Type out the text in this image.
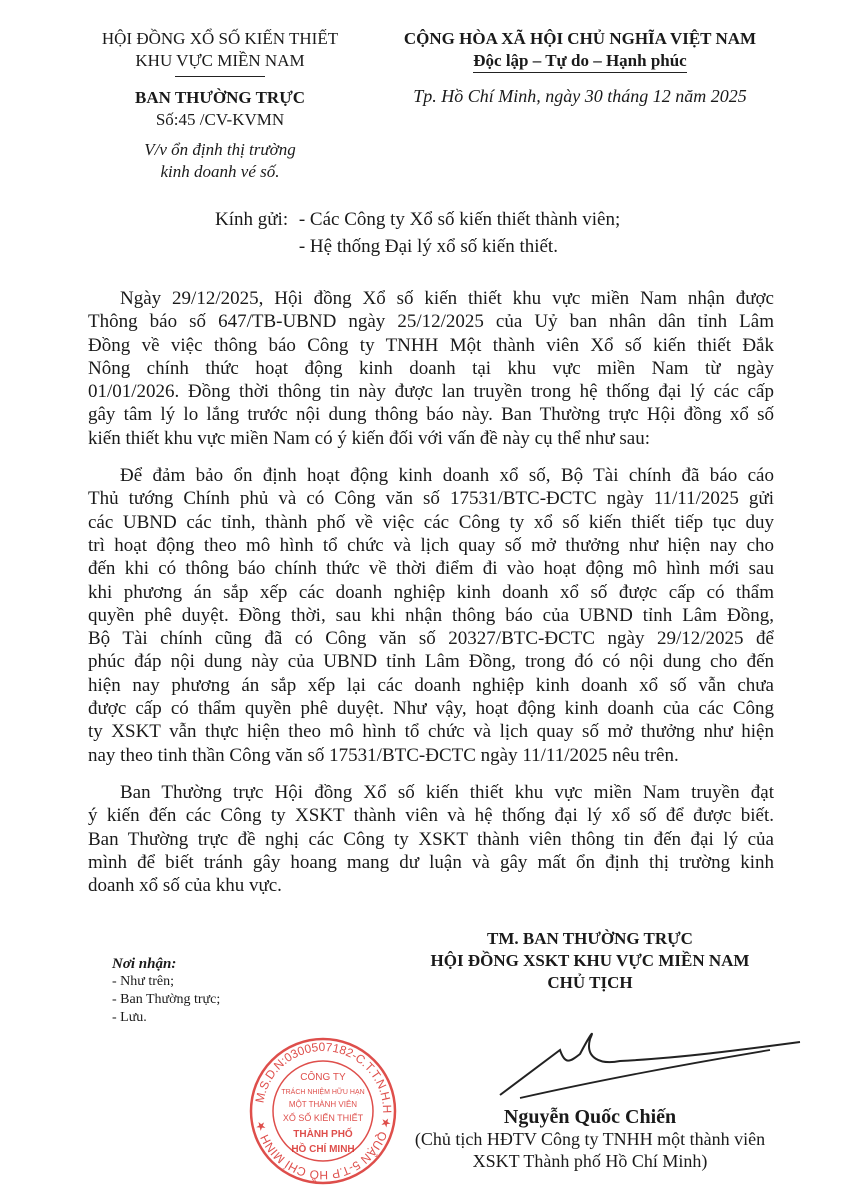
HỘI ĐỒNG XỔ SỐ KIẾN THIẾT
KHU VỰC MIỀN NAM
BAN THƯỜNG TRỰC
Số:45 /CV-KVMN
V/v ổn định thị trường
kinh doanh vé số.
CỘNG HÒA XÃ HỘI CHỦ NGHĨA VIỆT NAM
Độc lập – Tự do – Hạnh phúc
Tp. Hồ Chí Minh, ngày 30 tháng 12 năm 2025
Kính gửi: - Các Công ty Xổ số kiến thiết thành viên;
- Hệ thống Đại lý xổ số kiến thiết.
Ngày 29/12/2025, Hội đồng Xổ số kiến thiết khu vực miền Nam nhận được
Thông báo số 647/TB-UBND ngày 25/12/2025 của Uỷ ban nhân dân tỉnh Lâm
Đồng về việc thông báo Công ty TNHH Một thành viên Xổ số kiến thiết Đắk
Nông chính thức hoạt động kinh doanh tại khu vực miền Nam từ ngày
01/01/2026. Đồng thời thông tin này được lan truyền trong hệ thống đại lý các cấp
gây tâm lý lo lắng trước nội dung thông báo này. Ban Thường trực Hội đồng xổ số
kiến thiết khu vực miền Nam có ý kiến đối với vấn đề này cụ thể như sau:
Để đảm bảo ổn định hoạt động kinh doanh xổ số, Bộ Tài chính đã báo cáo
Thủ tướng Chính phủ và có Công văn số 17531/BTC-ĐCTC ngày 11/11/2025 gửi
các UBND các tỉnh, thành phố về việc các Công ty xổ số kiến thiết tiếp tục duy
trì hoạt động theo mô hình tổ chức và lịch quay số mở thưởng như hiện nay cho
đến khi có thông báo chính thức về thời điểm đi vào hoạt động mô hình mới sau
khi phương án sắp xếp các doanh nghiệp kinh doanh xổ số được cấp có thẩm
quyền phê duyệt. Đồng thời, sau khi nhận thông báo của UBND tỉnh Lâm Đồng,
Bộ Tài chính cũng đã có Công văn số 20327/BTC-ĐCTC ngày 29/12/2025 để
phúc đáp nội dung này của UBND tỉnh Lâm Đồng, trong đó có nội dung cho đến
hiện nay phương án sắp xếp lại các doanh nghiệp kinh doanh xổ số vẫn chưa
được cấp có thẩm quyền phê duyệt. Như vậy, hoạt động kinh doanh của các Công
ty XSKT vẫn thực hiện theo mô hình tổ chức và lịch quay số mở thưởng như hiện
nay theo tinh thần Công văn số 17531/BTC-ĐCTC ngày 11/11/2025 nêu trên.
Ban Thường trực Hội đồng Xổ số kiến thiết khu vực miền Nam truyền đạt
ý kiến đến các Công ty XSKT thành viên và hệ thống đại lý xổ số để được biết.
Ban Thường trực đề nghị các Công ty XSKT thành viên thông tin đến đại lý của
mình để biết tránh gây hoang mang dư luận và gây mất ổn định thị trường kinh
doanh xổ số của khu vực.
Nơi nhận:
- Như trên;
- Ban Thường trực;
- Lưu.
M.S.D.N:0300507182-C.T.T.N.H.H ★ QUẬN 5-T.P HỒ CHÍ MINH ★
CÔNG TY
TRÁCH NHIỆM HỮU HẠN
MỘT THÀNH VIÊN
XỔ SỐ KIẾN THIẾT
THÀNH PHỐ
HỒ CHÍ MINH
TM. BAN THƯỜNG TRỰC
HỘI ĐỒNG XSKT KHU VỰC MIỀN NAM
CHỦ TỊCH
Nguyễn Quốc Chiến
(Chủ tịch HĐTV Công ty TNHH một thành viên
XSKT Thành phố Hồ Chí Minh)
